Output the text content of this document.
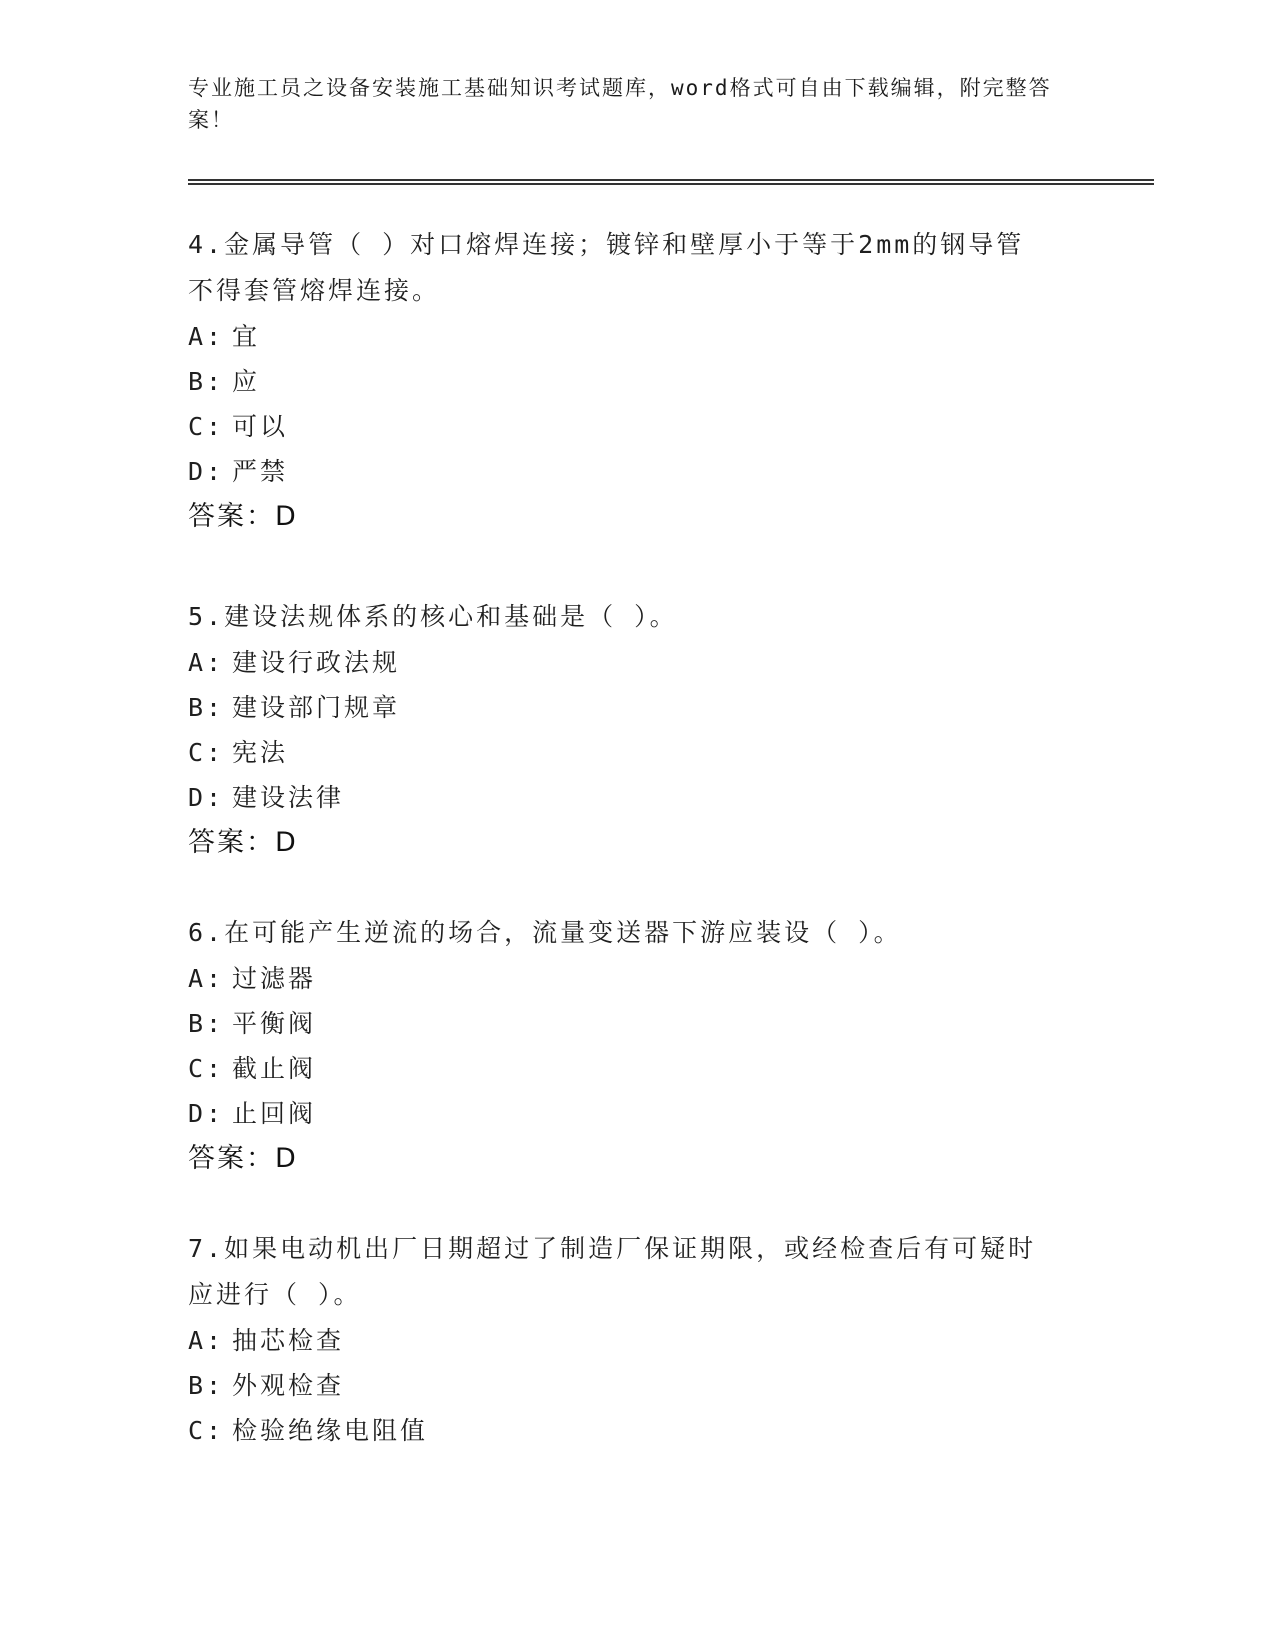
专业施工员之设备安装施工基础知识考试题库，word格式可自由下载编辑，附完整答案！

4.金属导管（ ）对口熔焊连接；镀锌和壁厚小于等于2mm的钢导管不得套管熔焊连接。

A: 宜
B: 应
C: 可以
D: 严禁
答案：D

5.建设法规体系的核心和基础是（ ）。

A: 建设行政法规
B: 建设部门规章
C: 宪法
D: 建设法律
答案：D

6.在可能产生逆流的场合，流量变送器下游应装设（ ）。

A: 过滤器
B: 平衡阀
C: 截止阀
D: 止回阀
答案：D

7.如果电动机出厂日期超过了制造厂保证期限，或经检查后有可疑时应进行（ ）。

A: 抽芯检查
B: 外观检查
C: 检验绝缘电阻值
